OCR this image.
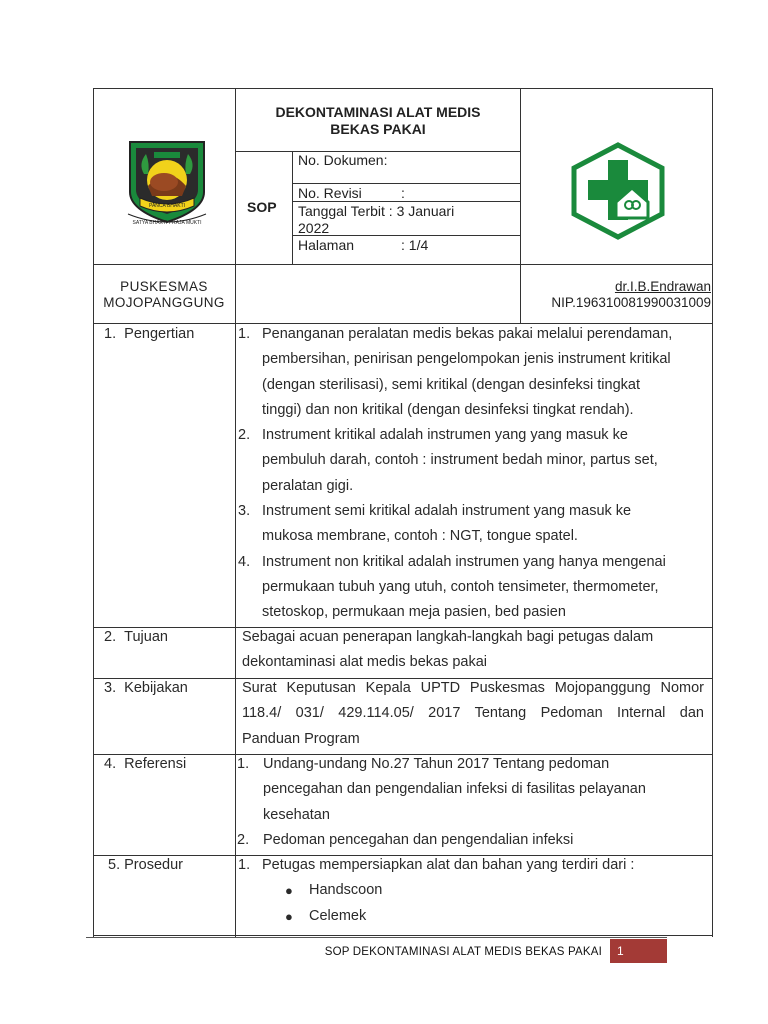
PANCA BHAKTI
SATYA BHAKTI PRAJA MUKTI
DEKONTAMINASI ALAT MEDIS
BEKAS PAKAI
SOP
No. Dokumen:
No. Revisi	:
Tanggal Terbit : 3 Januari
2022
Halaman	: 1/4
PUSKESMAS
MOJOPANGGUNG
dr.I.B.Endrawan
NIP.196310081990031009
1. Pengertian
2. Tujuan
3. Kebijakan
4. Referensi
5. Prosedur
1. Penanganan peralatan medis bekas pakai melalui perendaman,
pembersihan, penirisan pengelompokan jenis instrument kritikal
(dengan sterilisasi), semi kritikal (dengan desinfeksi tingkat
tinggi) dan non kritikal (dengan desinfeksi tingkat rendah).
2. Instrument kritikal adalah instrumen yang yang masuk ke
pembuluh darah, contoh : instrument bedah minor, partus set,
peralatan gigi.
3. Instrument semi kritikal adalah instrument yang masuk ke
mukosa membrane, contoh : NGT, tongue spatel.
4. Instrument non kritikal adalah instrumen yang hanya mengenai
permukaan tubuh yang utuh, contoh tensimeter, thermometer,
stetoskop, permukaan meja pasien, bed pasien
Sebagai acuan penerapan langkah-langkah bagi petugas dalam
dekontaminasi alat medis bekas pakai
Surat Keputusan Kepala UPTD Puskesmas Mojopanggung Nomor
118.4/ 031/ 429.114.05/ 2017 Tentang Pedoman Internal dan
Panduan Program
1. Undang-undang No.27 Tahun 2017 Tentang pedoman
pencegahan dan pengendalian infeksi di fasilitas pelayanan
kesehatan
2. Pedoman pencegahan dan pengendalian infeksi
1. Petugas mempersiapkan alat dan bahan yang terdiri dari :
● Handscoon
● Celemek
SOP DEKONTAMINASI ALAT MEDIS BEKAS PAKAI 1
